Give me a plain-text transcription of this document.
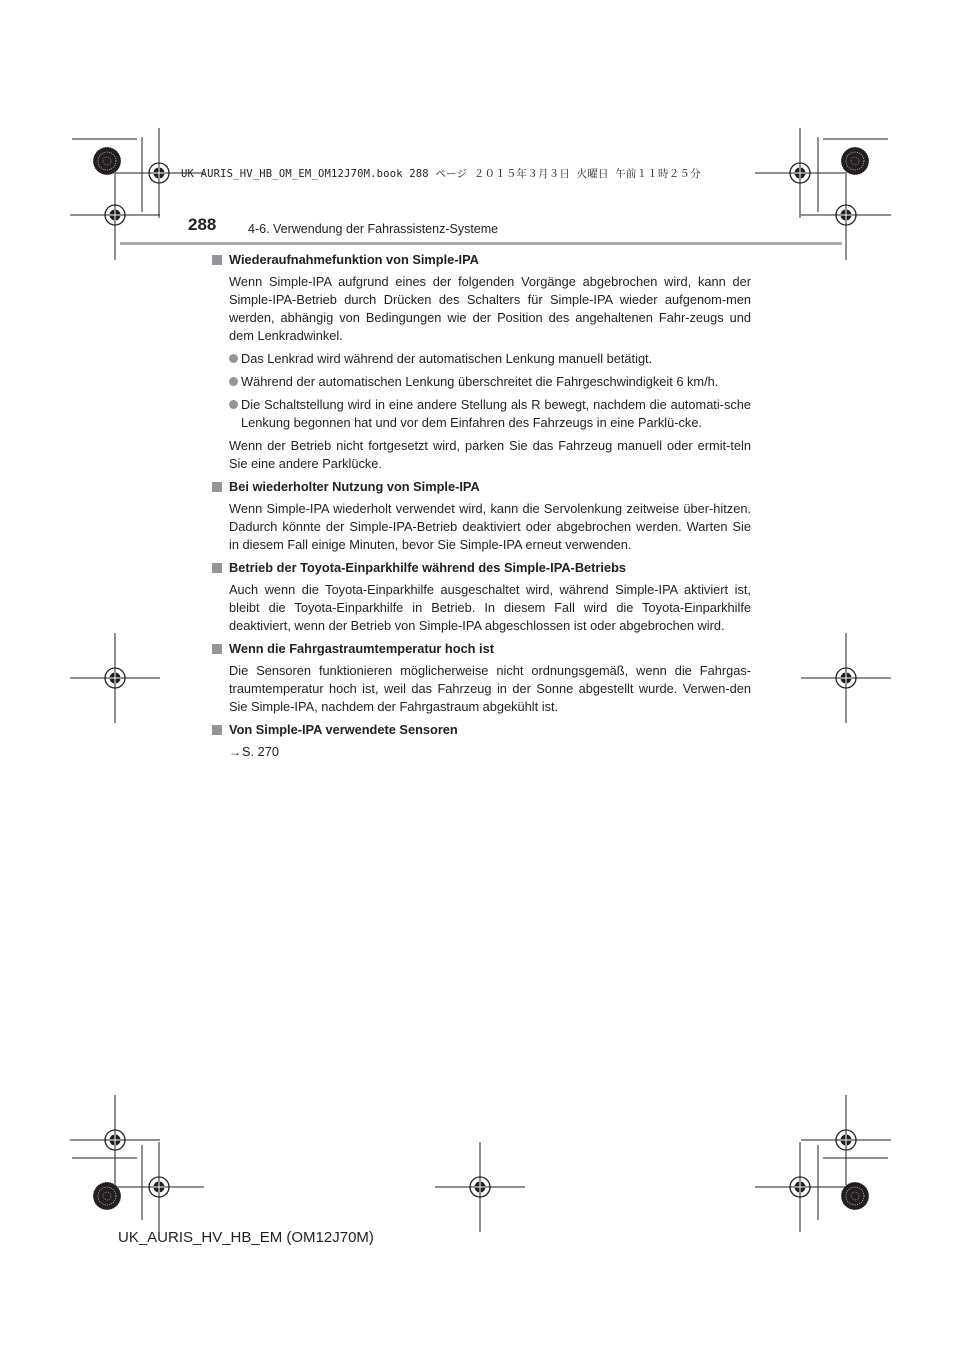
UK AURIS_HV_HB_OM_EM_OM12J70M.book 288 ページ ２０１５年３月３日 火曜日 午前１１時２５分
288	4-6. Verwendung der Fahrassistenz-Systeme
Wiederaufnahmefunktion von Simple-IPA

Wenn Simple-IPA aufgrund eines der folgenden Vorgänge abgebrochen wird, kann der Simple-IPA-Betrieb durch Drücken des Schalters für Simple-IPA wieder aufgenom-men werden, abhängig von Bedingungen wie der Position des angehaltenen Fahr-zeugs und dem Lenkradwinkel.

Das Lenkrad wird während der automatischen Lenkung manuell betätigt.
Während der automatischen Lenkung überschreitet die Fahrgeschwindigkeit 6 km/h.
Die Schaltstellung wird in eine andere Stellung als R bewegt, nachdem die automati-sche Lenkung begonnen hat und vor dem Einfahren des Fahrzeugs in eine Parklü-cke.

Wenn der Betrieb nicht fortgesetzt wird, parken Sie das Fahrzeug manuell oder ermit-teln Sie eine andere Parklücke.

Bei wiederholter Nutzung von Simple-IPA

Wenn Simple-IPA wiederholt verwendet wird, kann die Servolenkung zeitweise über-hitzen. Dadurch könnte der Simple-IPA-Betrieb deaktiviert oder abgebrochen werden. Warten Sie in diesem Fall einige Minuten, bevor Sie Simple-IPA erneut verwenden.

Betrieb der Toyota-Einparkhilfe während des Simple-IPA-Betriebs

Auch wenn die Toyota-Einparkhilfe ausgeschaltet wird, während Simple-IPA aktiviert ist, bleibt die Toyota-Einparkhilfe in Betrieb. In diesem Fall wird die Toyota-Einparkhilfe deaktiviert, wenn der Betrieb von Simple-IPA abgeschlossen ist oder abgebrochen wird.

Wenn die Fahrgastraumtemperatur hoch ist

Die Sensoren funktionieren möglicherweise nicht ordnungsgemäß, wenn die Fahrgas-traumtemperatur hoch ist, weil das Fahrzeug in der Sonne abgestellt wurde. Verwen-den Sie Simple-IPA, nachdem der Fahrgastraum abgekühlt ist.

Von Simple-IPA verwendete Sensoren

→S. 270

UK_AURIS_HV_HB_EM (OM12J70M)
